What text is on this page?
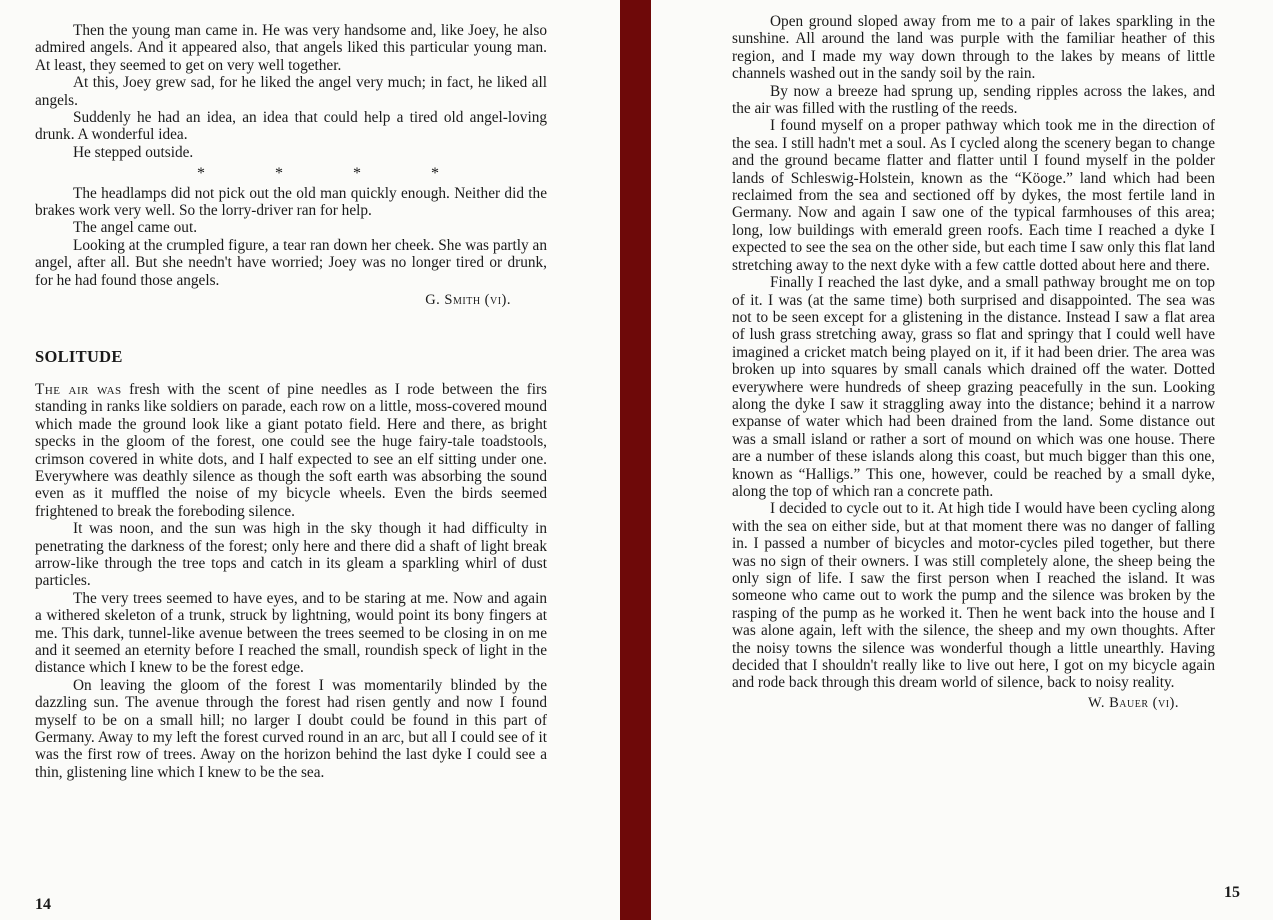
Then the young man came in. He was very handsome and, like Joey, he also admired angels. And it appeared also, that angels liked this particular young man. At least, they seemed to get on very well together.

At this, Joey grew sad, for he liked the angel very much; in fact, he liked all angels.

Suddenly he had an idea, an idea that could help a tired old angel-loving drunk. A wonderful idea.

He stepped outside.

*	*	*	*

The headlamps did not pick out the old man quickly enough. Neither did the brakes work very well. So the lorry-driver ran for help.

The angel came out.

Looking at the crumpled figure, a tear ran down her cheek. She was partly an angel, after all. But she needn't have worried; Joey was no longer tired or drunk, for he had found those angels.

G. Smith (vi).
SOLITUDE

The air was fresh with the scent of pine needles as I rode between the firs standing in ranks like soldiers on parade, each row on a little, moss-covered mound which made the ground look like a giant potato field. Here and there, as bright specks in the gloom of the forest, one could see the huge fairy-tale toadstools, crimson covered in white dots, and I half expected to see an elf sitting under one. Everywhere was deathly silence as though the soft earth was absorbing the sound even as it muffled the noise of my bicycle wheels. Even the birds seemed frightened to break the foreboding silence.

It was noon, and the sun was high in the sky though it had difficulty in penetrating the darkness of the forest; only here and there did a shaft of light break arrow-like through the tree tops and catch in its gleam a sparkling whirl of dust particles.

The very trees seemed to have eyes, and to be staring at me. Now and again a withered skeleton of a trunk, struck by lightning, would point its bony fingers at me. This dark, tunnel-like avenue between the trees seemed to be closing in on me and it seemed an eternity before I reached the small, roundish speck of light in the distance which I knew to be the forest edge.

On leaving the gloom of the forest I was momentarily blinded by the dazzling sun. The avenue through the forest had risen gently and now I found myself to be on a small hill; no larger I doubt could be found in this part of Germany. Away to my left the forest curved round in an arc, but all I could see of it was the first row of trees. Away on the horizon behind the last dyke I could see a thin, glistening line which I knew to be the sea.

14

Open ground sloped away from me to a pair of lakes sparkling in the sunshine. All around the land was purple with the familiar heather of this region, and I made my way down through to the lakes by means of little channels washed out in the sandy soil by the rain.

By now a breeze had sprung up, sending ripples across the lakes, and the air was filled with the rustling of the reeds.

I found myself on a proper pathway which took me in the direction of the sea. I still hadn't met a soul. As I cycled along the scenery began to change and the ground became flatter and flatter until I found myself in the polder lands of Schleswig-Holstein, known as the “Köoge.” land which had been reclaimed from the sea and sectioned off by dykes, the most fertile land in Germany. Now and again I saw one of the typical farmhouses of this area; long, low buildings with emerald green roofs. Each time I reached a dyke I expected to see the sea on the other side, but each time I saw only this flat land stretching away to the next dyke with a few cattle dotted about here and there.

Finally I reached the last dyke, and a small pathway brought me on top of it. I was (at the same time) both surprised and disappointed. The sea was not to be seen except for a glistening in the distance. Instead I saw a flat area of lush grass stretching away, grass so flat and springy that I could well have imagined a cricket match being played on it, if it had been drier. The area was broken up into squares by small canals which drained off the water. Dotted everywhere were hundreds of sheep grazing peacefully in the sun. Looking along the dyke I saw it straggling away into the distance; behind it a narrow expanse of water which had been drained from the land. Some distance out was a small island or rather a sort of mound on which was one house. There are a number of these islands along this coast, but much bigger than this one, known as “Halligs.” This one, however, could be reached by a small dyke, along the top of which ran a concrete path.

I decided to cycle out to it. At high tide I would have been cycling along with the sea on either side, but at that moment there was no danger of falling in. I passed a number of bicycles and motor-cycles piled together, but there was no sign of their owners. I was still completely alone, the sheep being the only sign of life. I saw the first person when I reached the island. It was someone who came out to work the pump and the silence was broken by the rasping of the pump as he worked it. Then he went back into the house and I was alone again, left with the silence, the sheep and my own thoughts. After the noisy towns the silence was wonderful though a little unearthly. Having decided that I shouldn't really like to live out here, I got on my bicycle again and rode back through this dream world of silence, back to noisy reality.

W. Bauer (vi).
15
